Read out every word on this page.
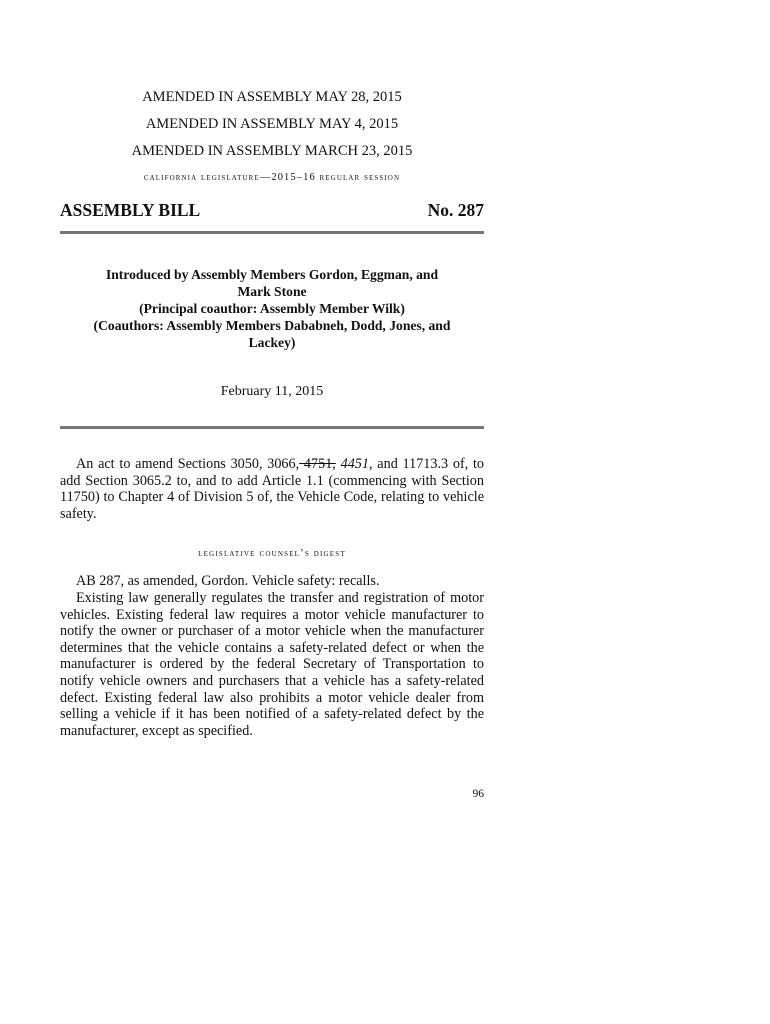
AMENDED IN ASSEMBLY MAY 28, 2015
AMENDED IN ASSEMBLY MAY 4, 2015
AMENDED IN ASSEMBLY MARCH 23, 2015
california legislature—2015–16 regular session
ASSEMBLY BILL	No. 287
Introduced by Assembly Members Gordon, Eggman, and
Mark Stone
(Principal coauthor: Assembly Member Wilk)
(Coauthors: Assembly Members Dababneh, Dodd, Jones, and
Lackey)
February 11, 2015
An act to amend Sections 3050, 3066, 4751, 4451, and 11713.3 of, to add Section 3065.2 to, and to add Article 1.1 (commencing with Section 11750) to Chapter 4 of Division 5 of, the Vehicle Code, relating to vehicle safety.
legislative counsel’s digest
AB 287, as amended, Gordon. Vehicle safety: recalls.
Existing law generally regulates the transfer and registration of motor vehicles. Existing federal law requires a motor vehicle manufacturer to notify the owner or purchaser of a motor vehicle when the manufacturer determines that the vehicle contains a safety-related defect or when the manufacturer is ordered by the federal Secretary of Transportation to notify vehicle owners and purchasers that a vehicle has a safety-related defect. Existing federal law also prohibits a motor vehicle dealer from selling a vehicle if it has been notified of a safety-related defect by the manufacturer, except as specified.
96
